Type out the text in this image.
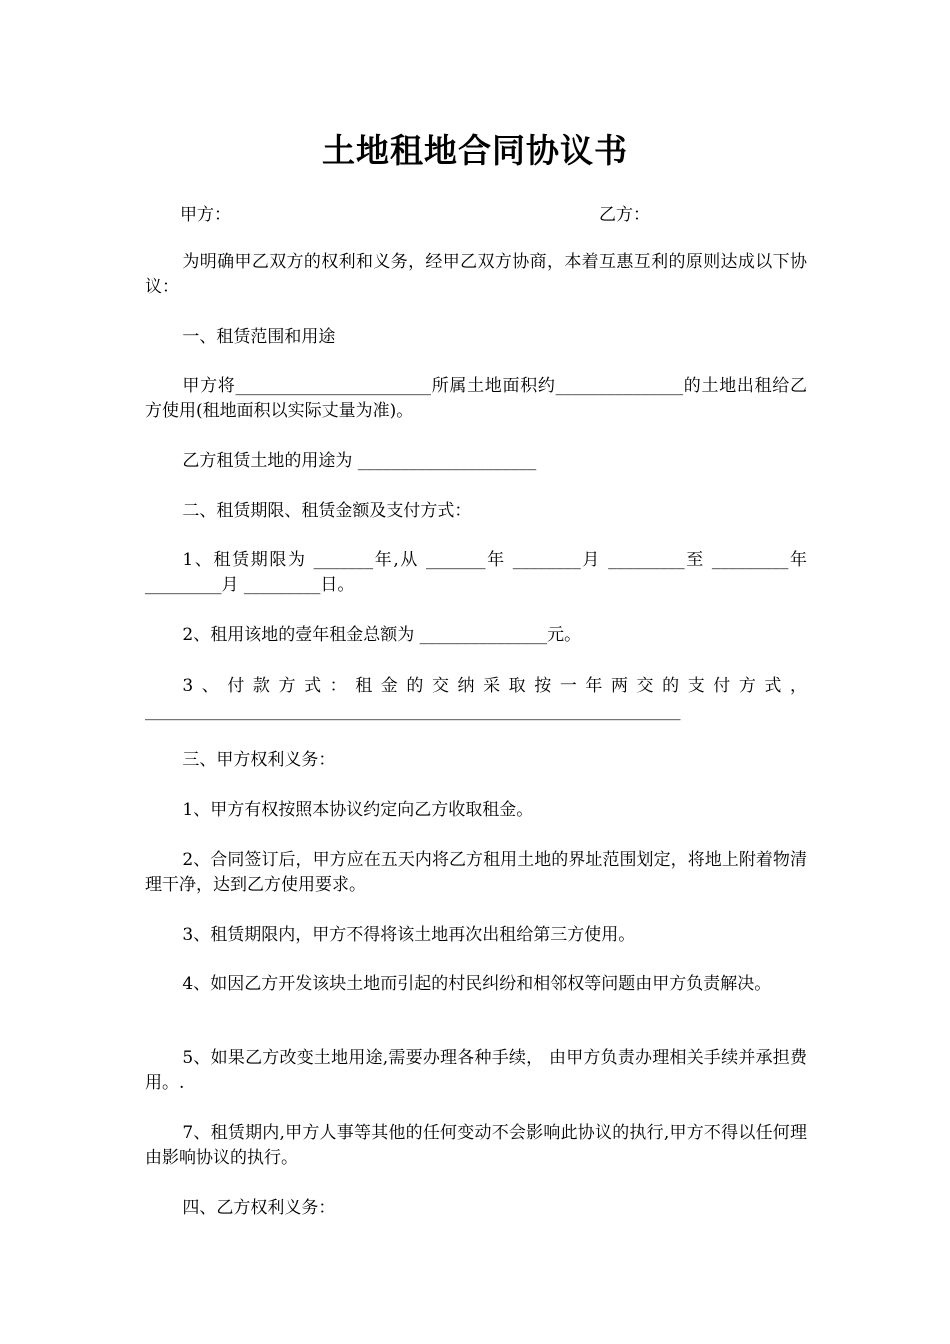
土地租地合同协议书
甲方：	乙方：
为明确甲乙双方的权利和义务，经甲乙双方协商，本着互惠互利的原则达成以下协议：
一、租赁范围和用途
甲方将_______________________所属土地面积约_______________的土地出租给乙方使用(租地面积以实际丈量为准)。
乙方租赁土地的用途为 _____________________
二、租赁期限、租赁金额及支付方式：
1、租赁期限为 _______年,从 _______年 ________月 _________至 _________年_________月 _________日。
2、租用该地的壹年租金总额为 _______________元。
3、付款方式：租金的交纳采取按一年两交的支付方式，_______________________________________________________________
三、甲方权利义务：
1、甲方有权按照本协议约定向乙方收取租金。
2、合同签订后，甲方应在五天内将乙方租用土地的界址范围划定，将地上附着物清理干净，达到乙方使用要求。
3、租赁期限内，甲方不得将该土地再次出租给第三方使用。
4、如因乙方开发该块土地而引起的村民纠纷和相邻权等问题由甲方负责解决。
5、如果乙方改变土地用途,需要办理各种手续， 由甲方负责办理相关手续并承担费用。.
7、租赁期内,甲方人事等其他的任何变动不会影响此协议的执行,甲方不得以任何理由影响协议的执行。
四、乙方权利义务：
